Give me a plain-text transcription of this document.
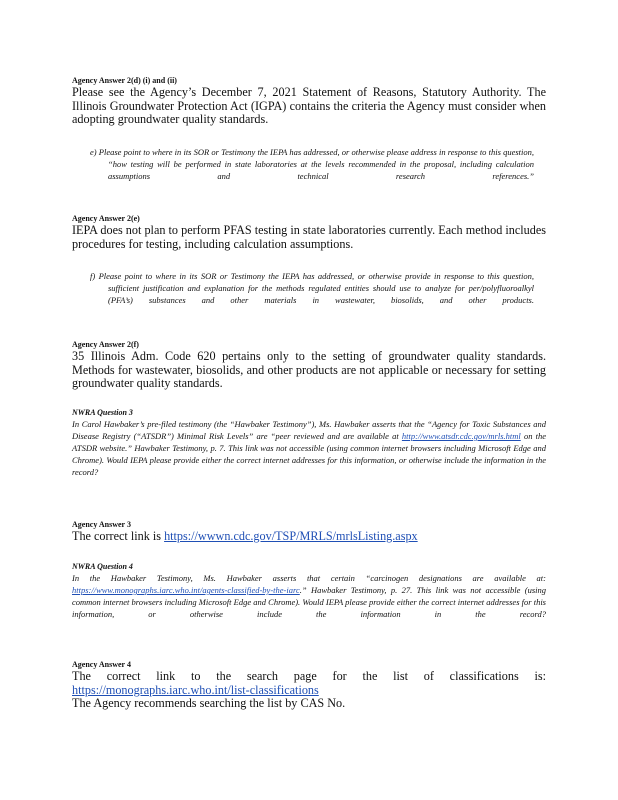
Agency Answer 2(d) (i) and (ii)
Please see the Agency’s December 7, 2021 Statement of Reasons, Statutory Authority. The Illinois Groundwater Protection Act (IGPA) contains the criteria the Agency must consider when adopting groundwater quality standards.
e) Please point to where in its SOR or Testimony the IEPA has addressed, or otherwise please address in response to this question, “how testing will be performed in state laboratories at the levels recommended in the proposal, including calculation assumptions and technical research references.”
Agency Answer 2(e)
IEPA does not plan to perform PFAS testing in state laboratories currently. Each method includes procedures for testing, including calculation assumptions.
f) Please point to where in its SOR or Testimony the IEPA has addressed, or otherwise provide in response to this question, sufficient justification and explanation for the methods regulated entities should use to analyze for per/polyfluoroalkyl (PFA’s) substances and other materials in wastewater, biosolids, and other products.
Agency Answer 2(f)
35 Illinois Adm. Code 620 pertains only to the setting of groundwater quality standards. Methods for wastewater, biosolids, and other products are not applicable or necessary for setting groundwater quality standards.
NWRA Question 3
In Carol Hawbaker’s pre-filed testimony (the “Hawbaker Testimony”), Ms. Hawbaker asserts that the “Agency for Toxic Substances and Disease Registry (“ATSDR”) Minimal Risk Levels” are “peer reviewed and are available at http://www.atsdr.cdc.gov/mrls.html on the ATSDR website.” Hawbaker Testimony, p. 7. This link was not accessible (using common internet browsers including Microsoft Edge and Chrome). Would IEPA please provide either the correct internet addresses for this information, or otherwise include the information in the record?
Agency Answer 3
The correct link is https://wwwn.cdc.gov/TSP/MRLS/mrlsListing.aspx
NWRA Question 4
In the Hawbaker Testimony, Ms. Hawbaker asserts that certain “carcinogen designations are available at: https://www.monographs.iarc.who.int/agents-classified-by-the-iarc.” Hawbaker Testimony, p. 27. This link was not accessible (using common internet browsers including Microsoft Edge and Chrome). Would IEPA please provide either the correct internet addresses for this information, or otherwise include the information in the record?
Agency Answer 4
The correct link to the search page for the list of classifications is:
https://monographs.iarc.who.int/list-classifications
The Agency recommends searching the list by CAS No.
